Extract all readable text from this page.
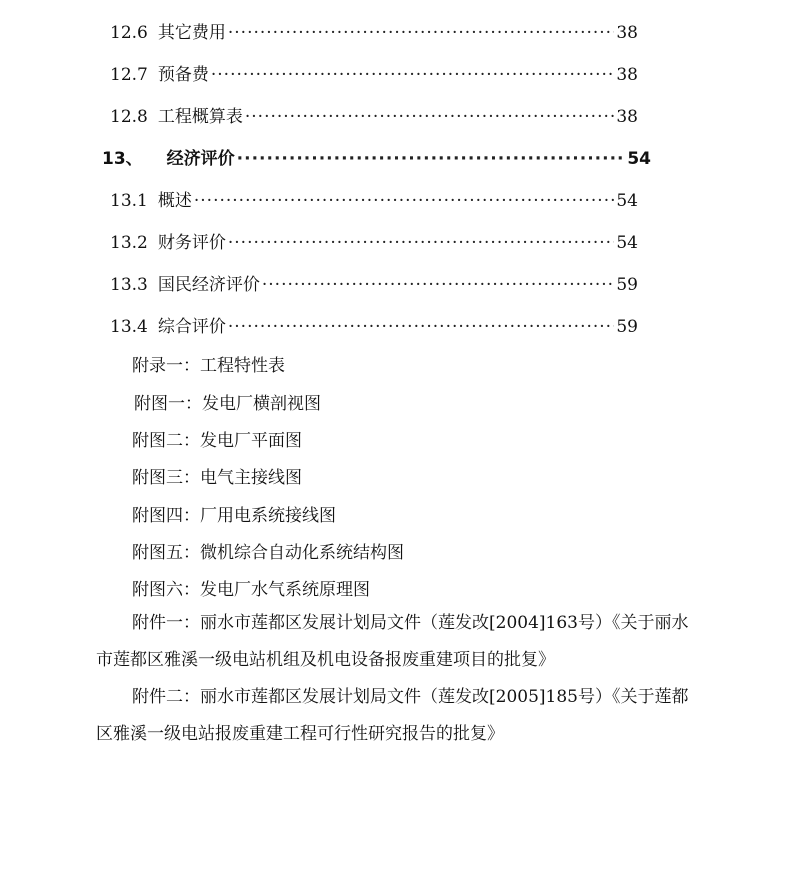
12.6 其它费用 ·····	38
12.7 预备费 ·····	38
12.8 工程概算表 ·····	38
13、	经济评价 ·····	54
13.1 概述 ·····	54
13.2 财务评价 ·····	54
13.3 国民经济评价 ·····	59
13.4 综合评价 ·····	59
附录一：工程特性表
附图一：发电厂横剖视图
附图二：发电厂平面图
附图三：电气主接线图
附图四：厂用电系统接线图
附图五：微机综合自动化系统结构图
附图六：发电厂水气系统原理图
附件一：丽水市莲都区发展计划局文件（莲发改[2004]163号）《关于丽水市莲都区雅溪一级电站机组及机电设备报废重建项目的批复》
附件二：丽水市莲都区发展计划局文件（莲发改[2005]185号）《关于莲都区雅溪一级电站报废重建工程可行性研究报告的批复》
